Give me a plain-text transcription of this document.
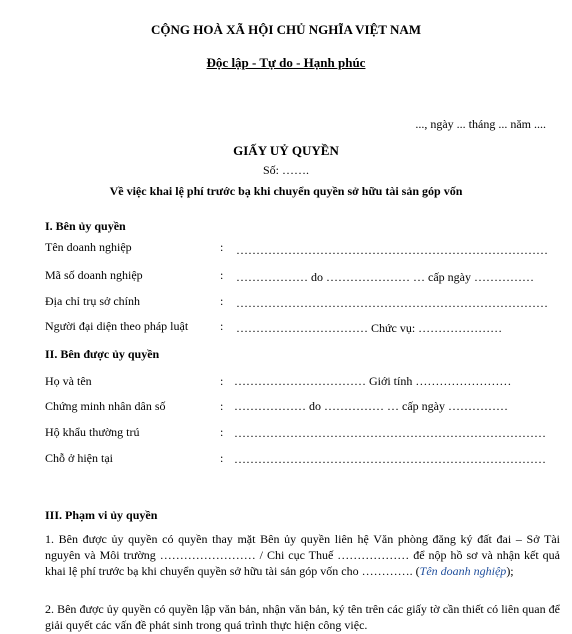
CỘNG HOÀ XÃ HỘI CHỦ NGHĨA VIỆT NAM
Độc lập - Tự do - Hạnh phúc
..., ngày ... tháng ... năm ....
GIẤY UỶ QUYỀN
Số: …….
Về việc khai lệ phí trước bạ khi chuyển quyền sở hữu tài sản góp vốn
I. Bên ủy quyền
Tên doanh nghiệp	: ……………………………………………………………………
Mã số doanh nghiệp	: ……………… do ………………… … cấp ngày ……………
Địa chỉ trụ sở chính	: ……………………………………………………………………
Người đại diện theo pháp luật	: …………………………… Chức vụ: …………………
II. Bên được ủy quyền
Họ và tên	: …………………………… Giới tính ……………………
Chứng minh nhân dân số	: ……………… do …………… … cấp ngày ……………
Hộ khẩu thường trú	: ……………………………………………………………………
Chỗ ở hiện tại	: ……………………………………………………………………
III. Phạm vi ủy quyền
1. Bên được ủy quyền có quyền thay mặt Bên ủy quyền liên hệ Văn phòng đăng ký đất đai – Sở Tài nguyên và Môi trường …………………… / Chi cục Thuế ……………… để nộp hồ sơ và nhận kết quả khai lệ phí trước bạ khi chuyển quyền sở hữu tài sản góp vốn cho …………. (Tên doanh nghiệp);
2. Bên được ủy quyền có quyền lập văn bản, nhận văn bản, ký tên trên các giấy tờ cần thiết có liên quan để giải quyết các vấn đề phát sinh trong quá trình thực hiện công việc.
